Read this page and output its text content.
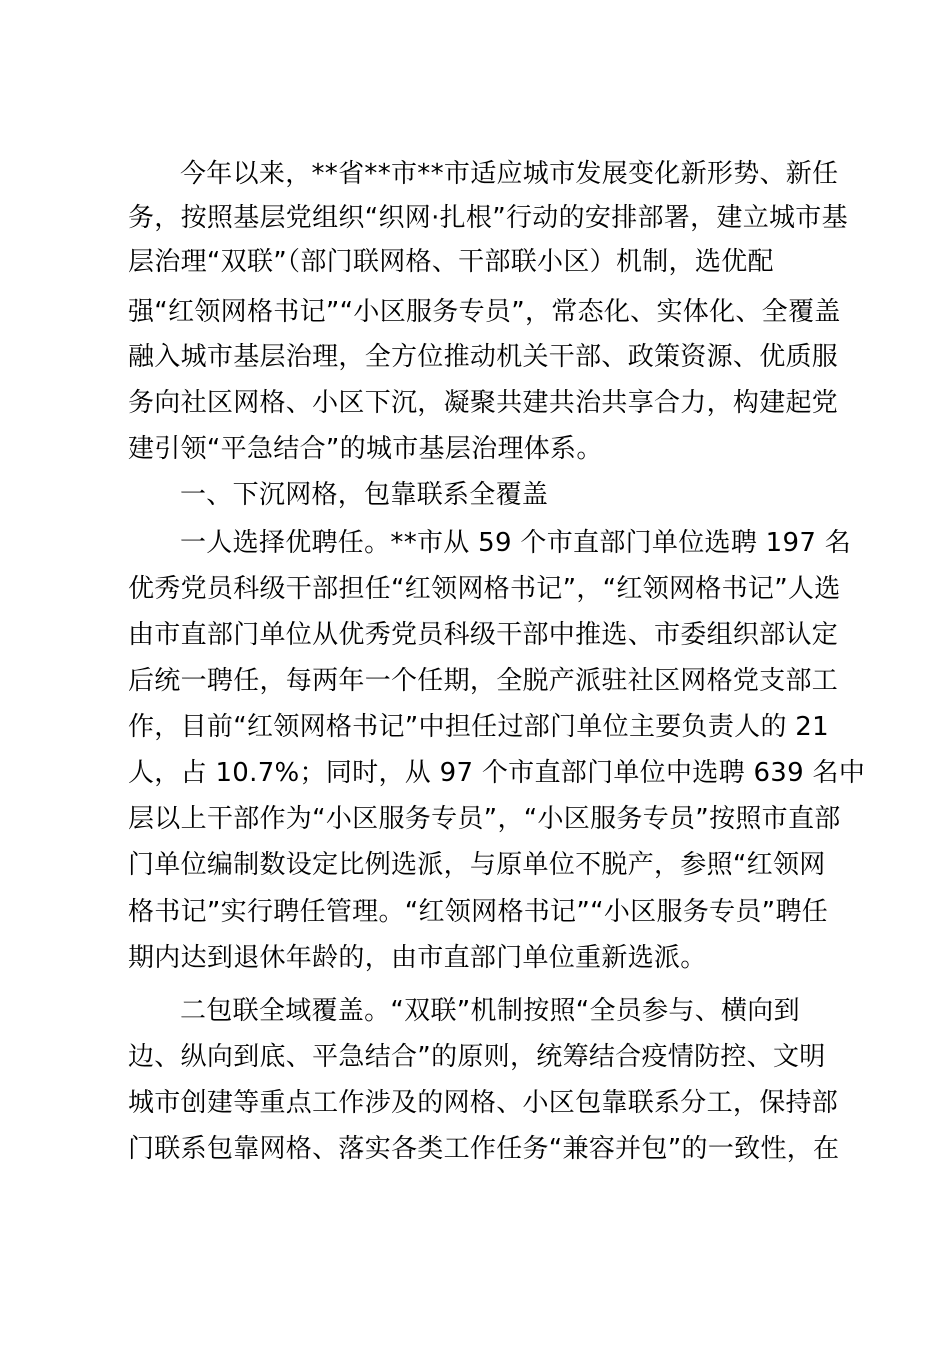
今年以来，**省**市**市适应城市发展变化新形势、新任
务，按照基层党组织“织网·扎根”行动的安排部署，建立城市基
层治理“双联”（部门联网格、干部联小区）机制，选优配
强“红领网格书记”“小区服务专员”，常态化、实体化、全覆盖
融入城市基层治理，全方位推动机关干部、政策资源、优质服
务向社区网格、小区下沉，凝聚共建共治共享合力，构建起党
建引领“平急结合”的城市基层治理体系。
一、下沉网格，包靠联系全覆盖
一人选择优聘任。**市从 59 个市直部门单位选聘 197 名
优秀党员科级干部担任“红领网格书记”，“红领网格书记”人选
由市直部门单位从优秀党员科级干部中推选、市委组织部认定
后统一聘任，每两年一个任期，全脱产派驻社区网格党支部工
作，目前“红领网格书记”中担任过部门单位主要负责人的 21
人，占 10.7%；同时，从 97 个市直部门单位中选聘 639 名中
层以上干部作为“小区服务专员”，“小区服务专员”按照市直部
门单位编制数设定比例选派，与原单位不脱产，参照“红领网
格书记”实行聘任管理。“红领网格书记”“小区服务专员”聘任
期内达到退休年龄的，由市直部门单位重新选派。
二包联全域覆盖。“双联”机制按照“全员参与、横向到
边、纵向到底、平急结合”的原则，统筹结合疫情防控、文明
城市创建等重点工作涉及的网格、小区包靠联系分工，保持部
门联系包靠网格、落实各类工作任务“兼容并包”的一致性，在
